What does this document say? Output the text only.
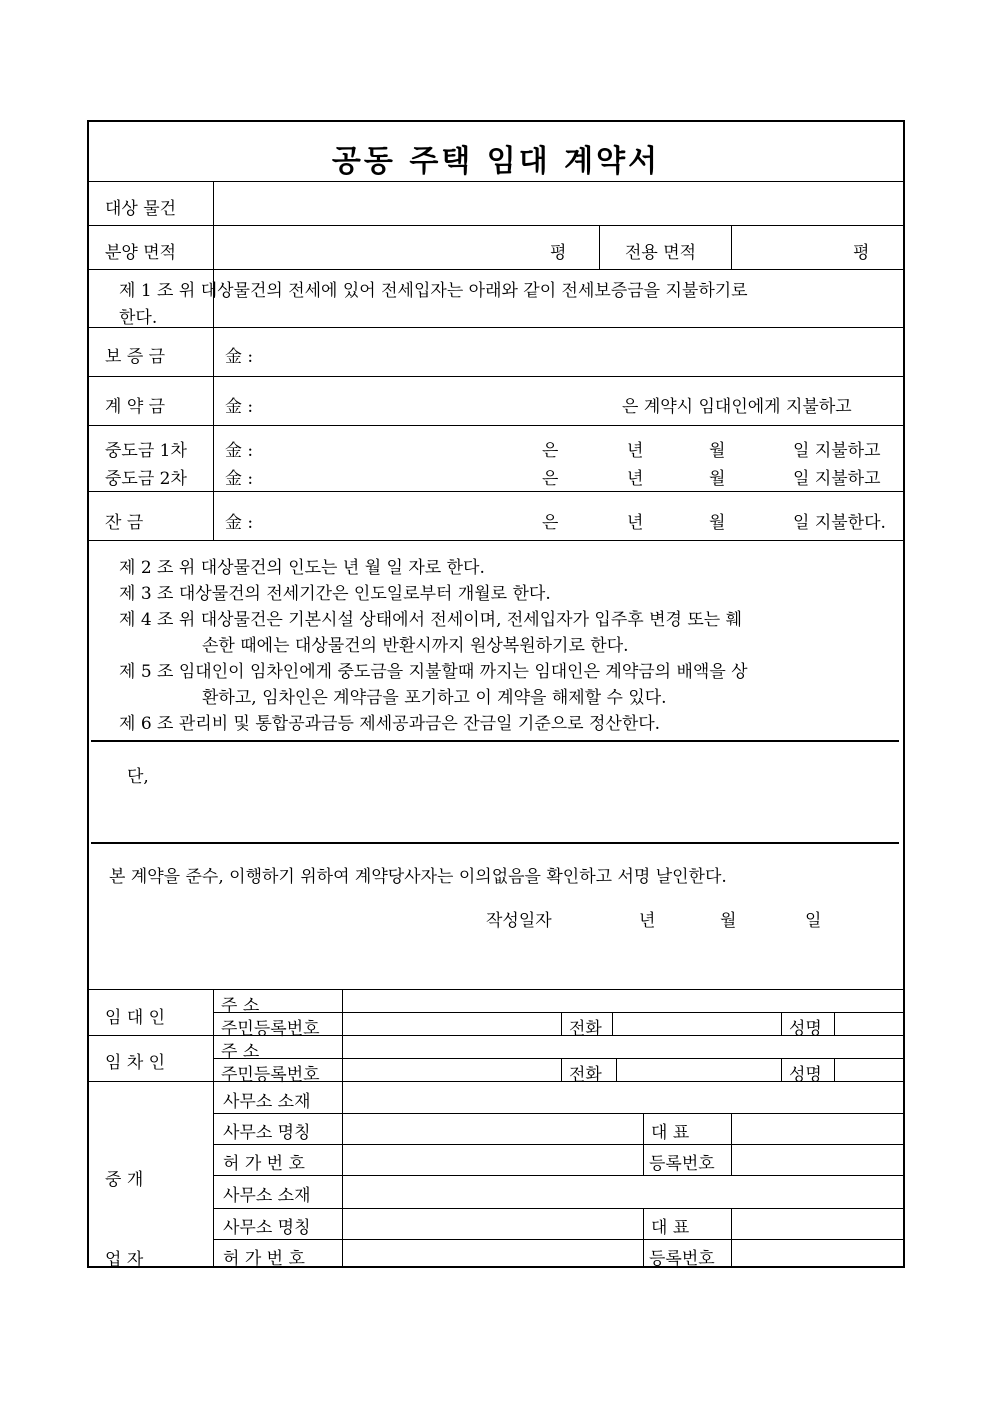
공동 주택 임대 계약서
대상 물건
분양 면적	평	전용 면적	평
제 1 조 위 대상물건의 전세에 있어 전세입자는 아래와 같이 전세보증금을 지불하기로
한다.
보 증 금	金 :
계 약 금	金 :	은 계약시 임대인에게 지불하고
중도금 1차 金 :	은	년	월	일 지불하고
중도금 2차 金 :	은	년	월	일 지불하고
잔 금	金 :	은	년	월	일 지불한다.
제 2 조 위 대상물건의 인도는 년 월 일 자로 한다.
제 3 조 대상물건의 전세기간은 인도일로부터 개월로 한다.
제 4 조 위 대상물건은 기본시설 상태에서 전세이며, 전세입자가 입주후 변경 또는 훼
손한 때에는 대상물건의 반환시까지 원상복원하기로 한다.
제 5 조 임대인이 임차인에게 중도금을 지불할때 까지는 임대인은 계약금의 배액을 상
환하고, 임차인은 계약금을 포기하고 이 계약을 해제할 수 있다.
제 6 조 관리비 및 통합공과금등 제세공과금은 잔금일 기준으로 정산한다.
단,
본 계약을 준수, 이행하기 위하여 계약당사자는 이의없음을 확인하고 서명 날인한다.
작성일자	년	월	일
임 대 인
주 소
주민등록번호	전화	성명
임 차 인
주 소
주민등록번호	전화	성명
중 개
업 자
사무소 소재
사무소 명칭	대 표
허 가 번 호	등록번호
사무소 소재
사무소 명칭	대 표
허 가 번 호	등록번호
